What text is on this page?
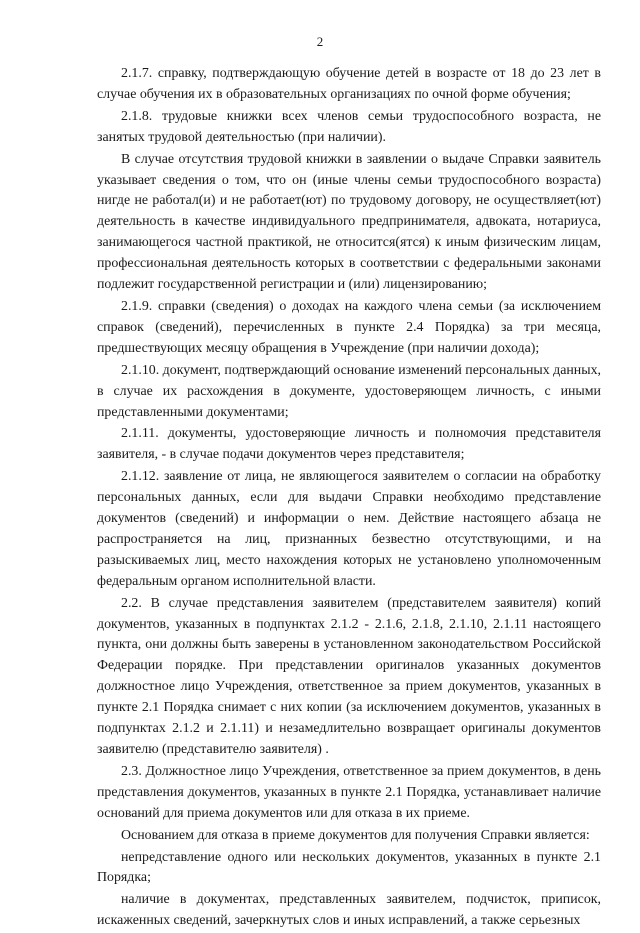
2

2.1.7. справку, подтверждающую обучение детей в возрасте от 18 до 23 лет в случае обучения их в образовательных организациях по очной форме обучения;

2.1.8. трудовые книжки всех членов семьи трудоспособного возраста, не занятых трудовой деятельностью (при наличии).

В случае отсутствия трудовой книжки в заявлении о выдаче Справки заявитель указывает сведения о том, что он (иные члены семьи трудоспособного возраста) нигде не работал(и) и не работает(ют) по трудовому договору, не осуществляет(ют) деятельность в качестве индивидуального предпринимателя, адвоката, нотариуса, занимающегося частной практикой, не относится(ятся) к иным физическим лицам, профессиональная деятельность которых в соответствии с федеральными законами подлежит государственной регистрации и (или) лицензированию;

2.1.9. справки (сведения) о доходах на каждого члена семьи (за исключением справок (сведений), перечисленных в пункте 2.4 Порядка) за три месяца, предшествующих месяцу обращения в Учреждение (при наличии дохода);

2.1.10. документ, подтверждающий основание изменений персональных данных, в случае их расхождения в документе, удостоверяющем личность, с иными представленными документами;

2.1.11. документы, удостоверяющие личность и полномочия представителя заявителя, - в случае подачи документов через представителя;

2.1.12. заявление от лица, не являющегося заявителем о согласии на обработку персональных данных, если для выдачи Справки необходимо представление документов (сведений) и информации о нем. Действие настоящего абзаца не распространяется на лиц, признанных безвестно отсутствующими, и на разыскиваемых лиц, место нахождения которых не установлено уполномоченным федеральным органом исполнительной власти.

2.2. В случае представления заявителем (представителем заявителя) копий документов, указанных в подпунктах 2.1.2 - 2.1.6, 2.1.8, 2.1.10, 2.1.11 настоящего пункта, они должны быть заверены в установленном законодательством Российской Федерации порядке. При представлении оригиналов указанных документов должностное лицо Учреждения, ответственное за прием документов, указанных в пункте 2.1 Порядка снимает с них копии (за исключением документов, указанных в подпунктах 2.1.2 и 2.1.11) и незамедлительно возвращает оригиналы документов заявителю (представителю заявителя) .

2.3. Должностное лицо Учреждения, ответственное за прием документов, в день представления документов, указанных в пункте 2.1 Порядка, устанавливает наличие оснований для приема документов или для отказа в их приеме.

Основанием для отказа в приеме документов для получения Справки является:

непредставление одного или нескольких документов, указанных в пункте 2.1 Порядка;

наличие в документах, представленных заявителем, подчисток, приписок, искаженных сведений, зачеркнутых слов и иных исправлений, а также серьезных
